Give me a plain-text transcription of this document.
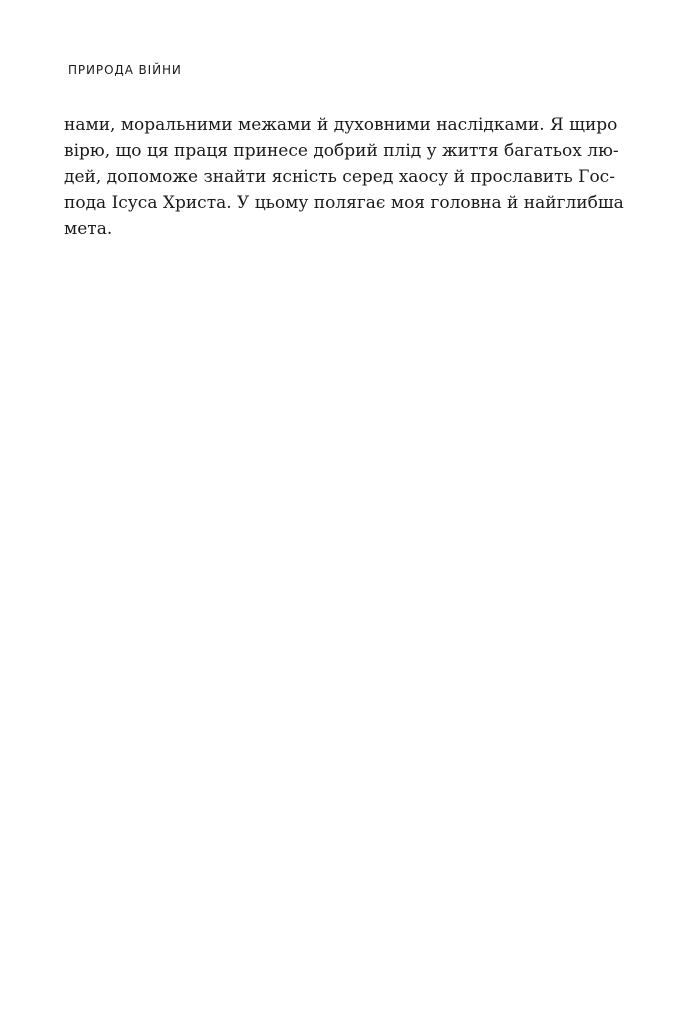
ПРИРОДА ВІЙНИ
нами, моральними межами й духовними наслідками. Я щиро
вірю, що ця праця принесе добрий плід у життя багатьох лю-
дей, допоможе знайти ясність серед хаосу й прославить Гос-
пода Ісуса Христа. У цьому полягає моя головна й найглибша
мета.
